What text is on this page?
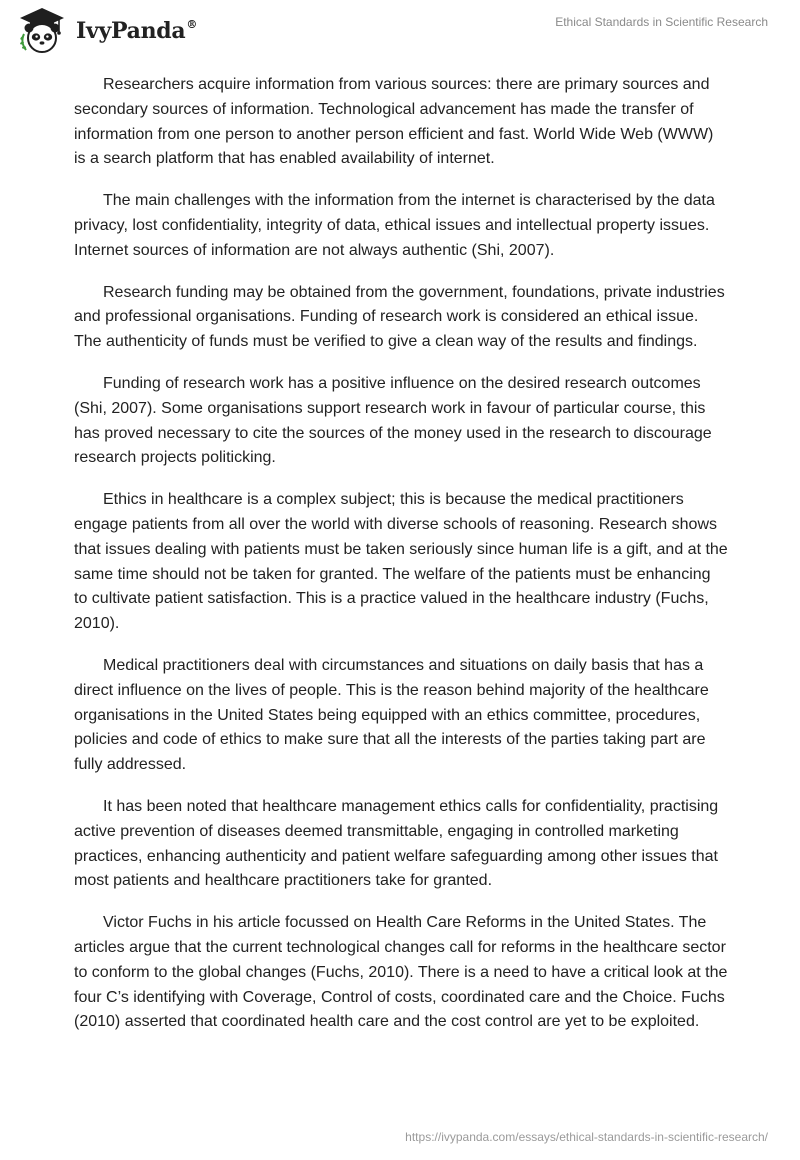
IvyPanda®	Ethical Standards in Scientific Research

Researchers acquire information from various sources: there are primary sources and secondary sources of information. Technological advancement has made the transfer of information from one person to another person efficient and fast. World Wide Web (WWW) is a search platform that has enabled availability of internet.

The main challenges with the information from the internet is characterised by the data privacy, lost confidentiality, integrity of data, ethical issues and intellectual property issues. Internet sources of information are not always authentic (Shi, 2007).

Research funding may be obtained from the government, foundations, private industries and professional organisations. Funding of research work is considered an ethical issue. The authenticity of funds must be verified to give a clean way of the results and findings.

Funding of research work has a positive influence on the desired research outcomes (Shi, 2007). Some organisations support research work in favour of particular course, this has proved necessary to cite the sources of the money used in the research to discourage research projects politicking.

Ethics in healthcare is a complex subject; this is because the medical practitioners engage patients from all over the world with diverse schools of reasoning. Research shows that issues dealing with patients must be taken seriously since human life is a gift, and at the same time should not be taken for granted. The welfare of the patients must be enhancing to cultivate patient satisfaction. This is a practice valued in the healthcare industry (Fuchs, 2010).

Medical practitioners deal with circumstances and situations on daily basis that has a direct influence on the lives of people. This is the reason behind majority of the healthcare organisations in the United States being equipped with an ethics committee, procedures, policies and code of ethics to make sure that all the interests of the parties taking part are fully addressed.

It has been noted that healthcare management ethics calls for confidentiality, practising active prevention of diseases deemed transmittable, engaging in controlled marketing practices, enhancing authenticity and patient welfare safeguarding among other issues that most patients and healthcare practitioners take for granted.

Victor Fuchs in his article focussed on Health Care Reforms in the United States. The articles argue that the current technological changes call for reforms in the healthcare sector to conform to the global changes (Fuchs, 2010). There is a need to have a critical look at the four C’s identifying with Coverage, Control of costs, coordinated care and the Choice. Fuchs (2010) asserted that coordinated health care and the cost control are yet to be exploited.

https://ivypanda.com/essays/ethical-standards-in-scientific-research/
